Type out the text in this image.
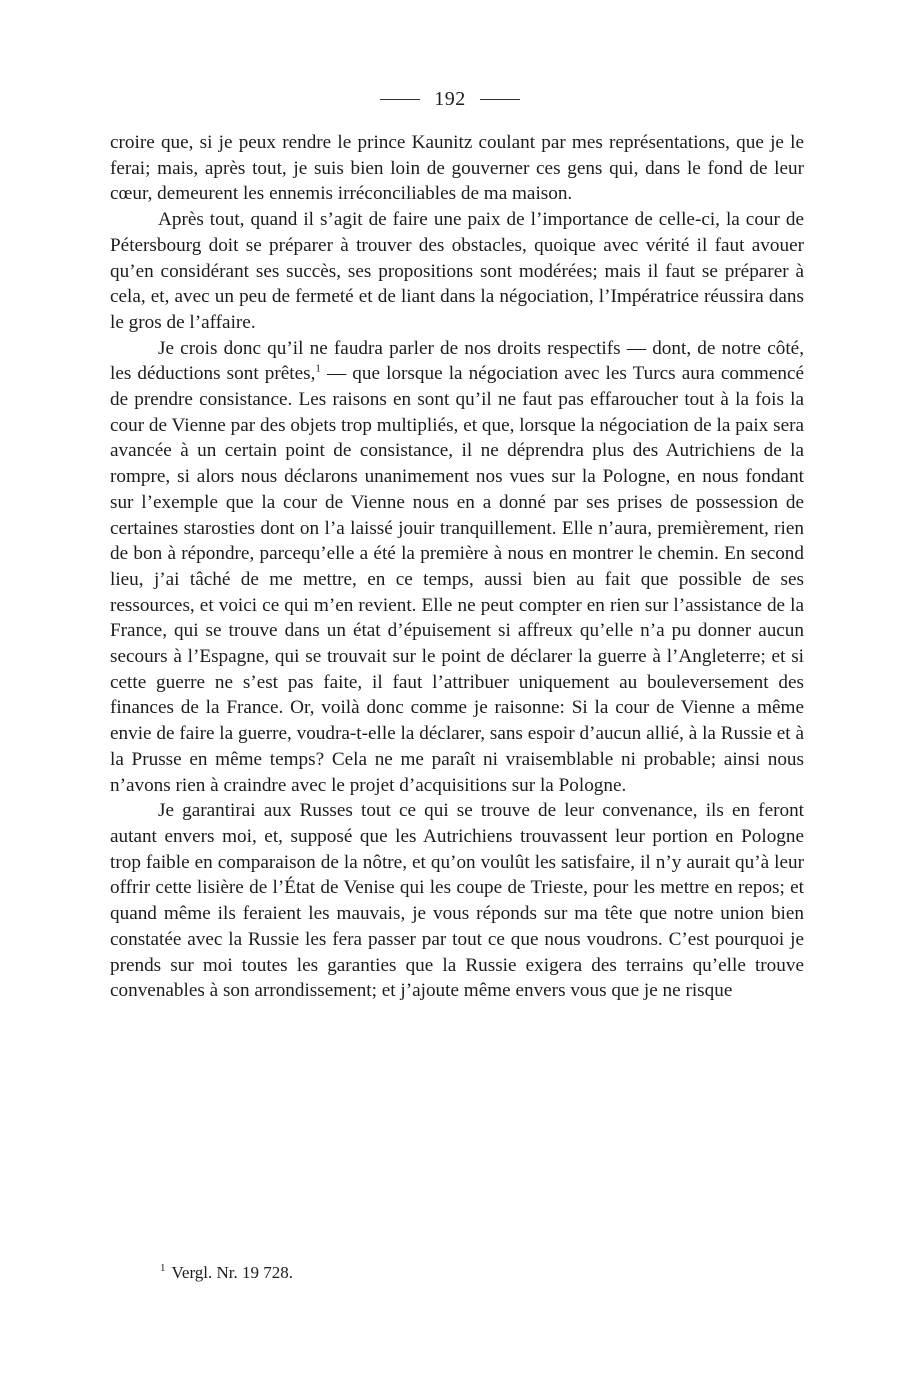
192

croire que, si je peux rendre le prince Kaunitz coulant par mes représentations, que je le ferai; mais, après tout, je suis bien loin de gouverner ces gens qui, dans le fond de leur cœur, demeurent les ennemis irréconciliables de ma maison.

Après tout, quand il s’agit de faire une paix de l’importance de celle-ci, la cour de Pétersbourg doit se préparer à trouver des obstacles, quoique avec vérité il faut avouer qu’en considérant ses succès, ses propositions sont modérées; mais il faut se préparer à cela, et, avec un peu de fermeté et de liant dans la négociation, l’Impératrice réussira dans le gros de l’affaire.

Je crois donc qu’il ne faudra parler de nos droits respectifs — dont, de notre côté, les déductions sont prêtes,$^1$ — que lorsque la négociation avec les Turcs aura commencé de prendre consistance. Les raisons en sont qu’il ne faut pas effaroucher tout à la fois la cour de Vienne par des objets trop multipliés, et que, lorsque la négociation de la paix sera avancée à un certain point de consistance, il ne déprendra plus des Autrichiens de la rompre, si alors nous déclarons unanimement nos vues sur la Pologne, en nous fondant sur l’exemple que la cour de Vienne nous en a donné par ses prises de possession de certaines starosties dont on l’a laissé jouir tranquillement. Elle n’aura, premièrement, rien de bon à répondre, parcequ’elle a été la première à nous en montrer le chemin. En second lieu, j’ai tâché de me mettre, en ce temps, aussi bien au fait que possible de ses ressources, et voici ce qui m’en revient. Elle ne peut compter en rien sur l’assistance de la France, qui se trouve dans un état d’épuisement si affreux qu’elle n’a pu donner aucun secours à l’Espagne, qui se trouvait sur le point de déclarer la guerre à l’Angleterre; et si cette guerre ne s’est pas faite, il faut l’attribuer uniquement au bouleversement des finances de la France. Or, voilà donc comme je raisonne: Si la cour de Vienne a même envie de faire la guerre, voudra-t-elle la déclarer, sans espoir d’aucun allié, à la Russie et à la Prusse en même temps? Cela ne me paraît ni vraisemblable ni probable; ainsi nous n’avons rien à craindre avec le projet d’acquisitions sur la Pologne.

Je garantirai aux Russes tout ce qui se trouve de leur convenance, ils en feront autant envers moi, et, supposé que les Autrichiens trouvassent leur portion en Pologne trop faible en comparaison de la nôtre, et qu’on voulût les satisfaire, il n’y aurait qu’à leur offrir cette lisière de l’État de Venise qui les coupe de Trieste, pour les mettre en repos; et quand même ils feraient les mauvais, je vous réponds sur ma tête que notre union bien constatée avec la Russie les fera passer par tout ce que nous voudrons. C’est pourquoi je prends sur moi toutes les garanties que la Russie exigera des terrains qu’elle trouve convenables à son arrondissement; et j’ajoute même envers vous que je ne risque

$^1$ Vergl. Nr. 19 728.
